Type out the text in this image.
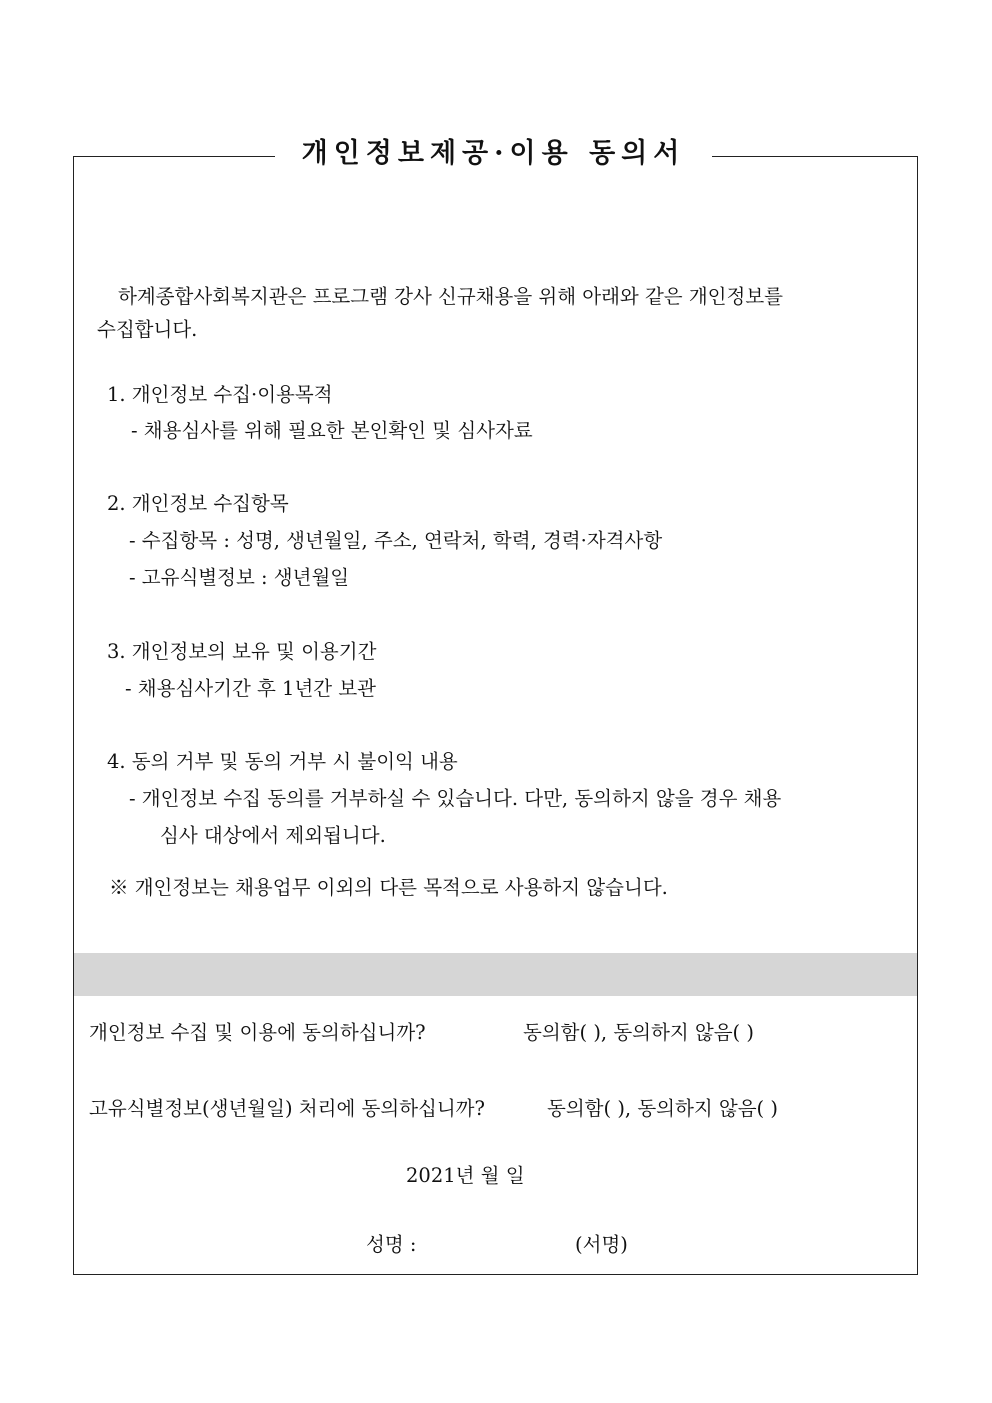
개인정보제공·이용 동의서
하계종합사회복지관은 프로그램 강사 신규채용을 위해 아래와 같은 개인정보를
수집합니다.
1. 개인정보 수집·이용목적
- 채용심사를 위해 필요한 본인확인 및 심사자료
2. 개인정보 수집항목
- 수집항목 : 성명, 생년월일, 주소, 연락처, 학력, 경력·자격사항
- 고유식별정보 : 생년월일
3. 개인정보의 보유 및 이용기간
- 채용심사기간 후 1년간 보관
4. 동의 거부 및 동의 거부 시 불이익 내용
- 개인정보 수집 동의를 거부하실 수 있습니다. 다만, 동의하지 않을 경우 채용
심사 대상에서 제외됩니다.
※ 개인정보는 채용업무 이외의 다른 목적으로 사용하지 않습니다.
개인정보 수집 및 이용에 동의하십니까?	동의함( ), 동의하지 않음( )
고유식별정보(생년월일) 처리에 동의하십니까?	동의함( ), 동의하지 않음( )
2021년 월 일
성명 :	(서명)
